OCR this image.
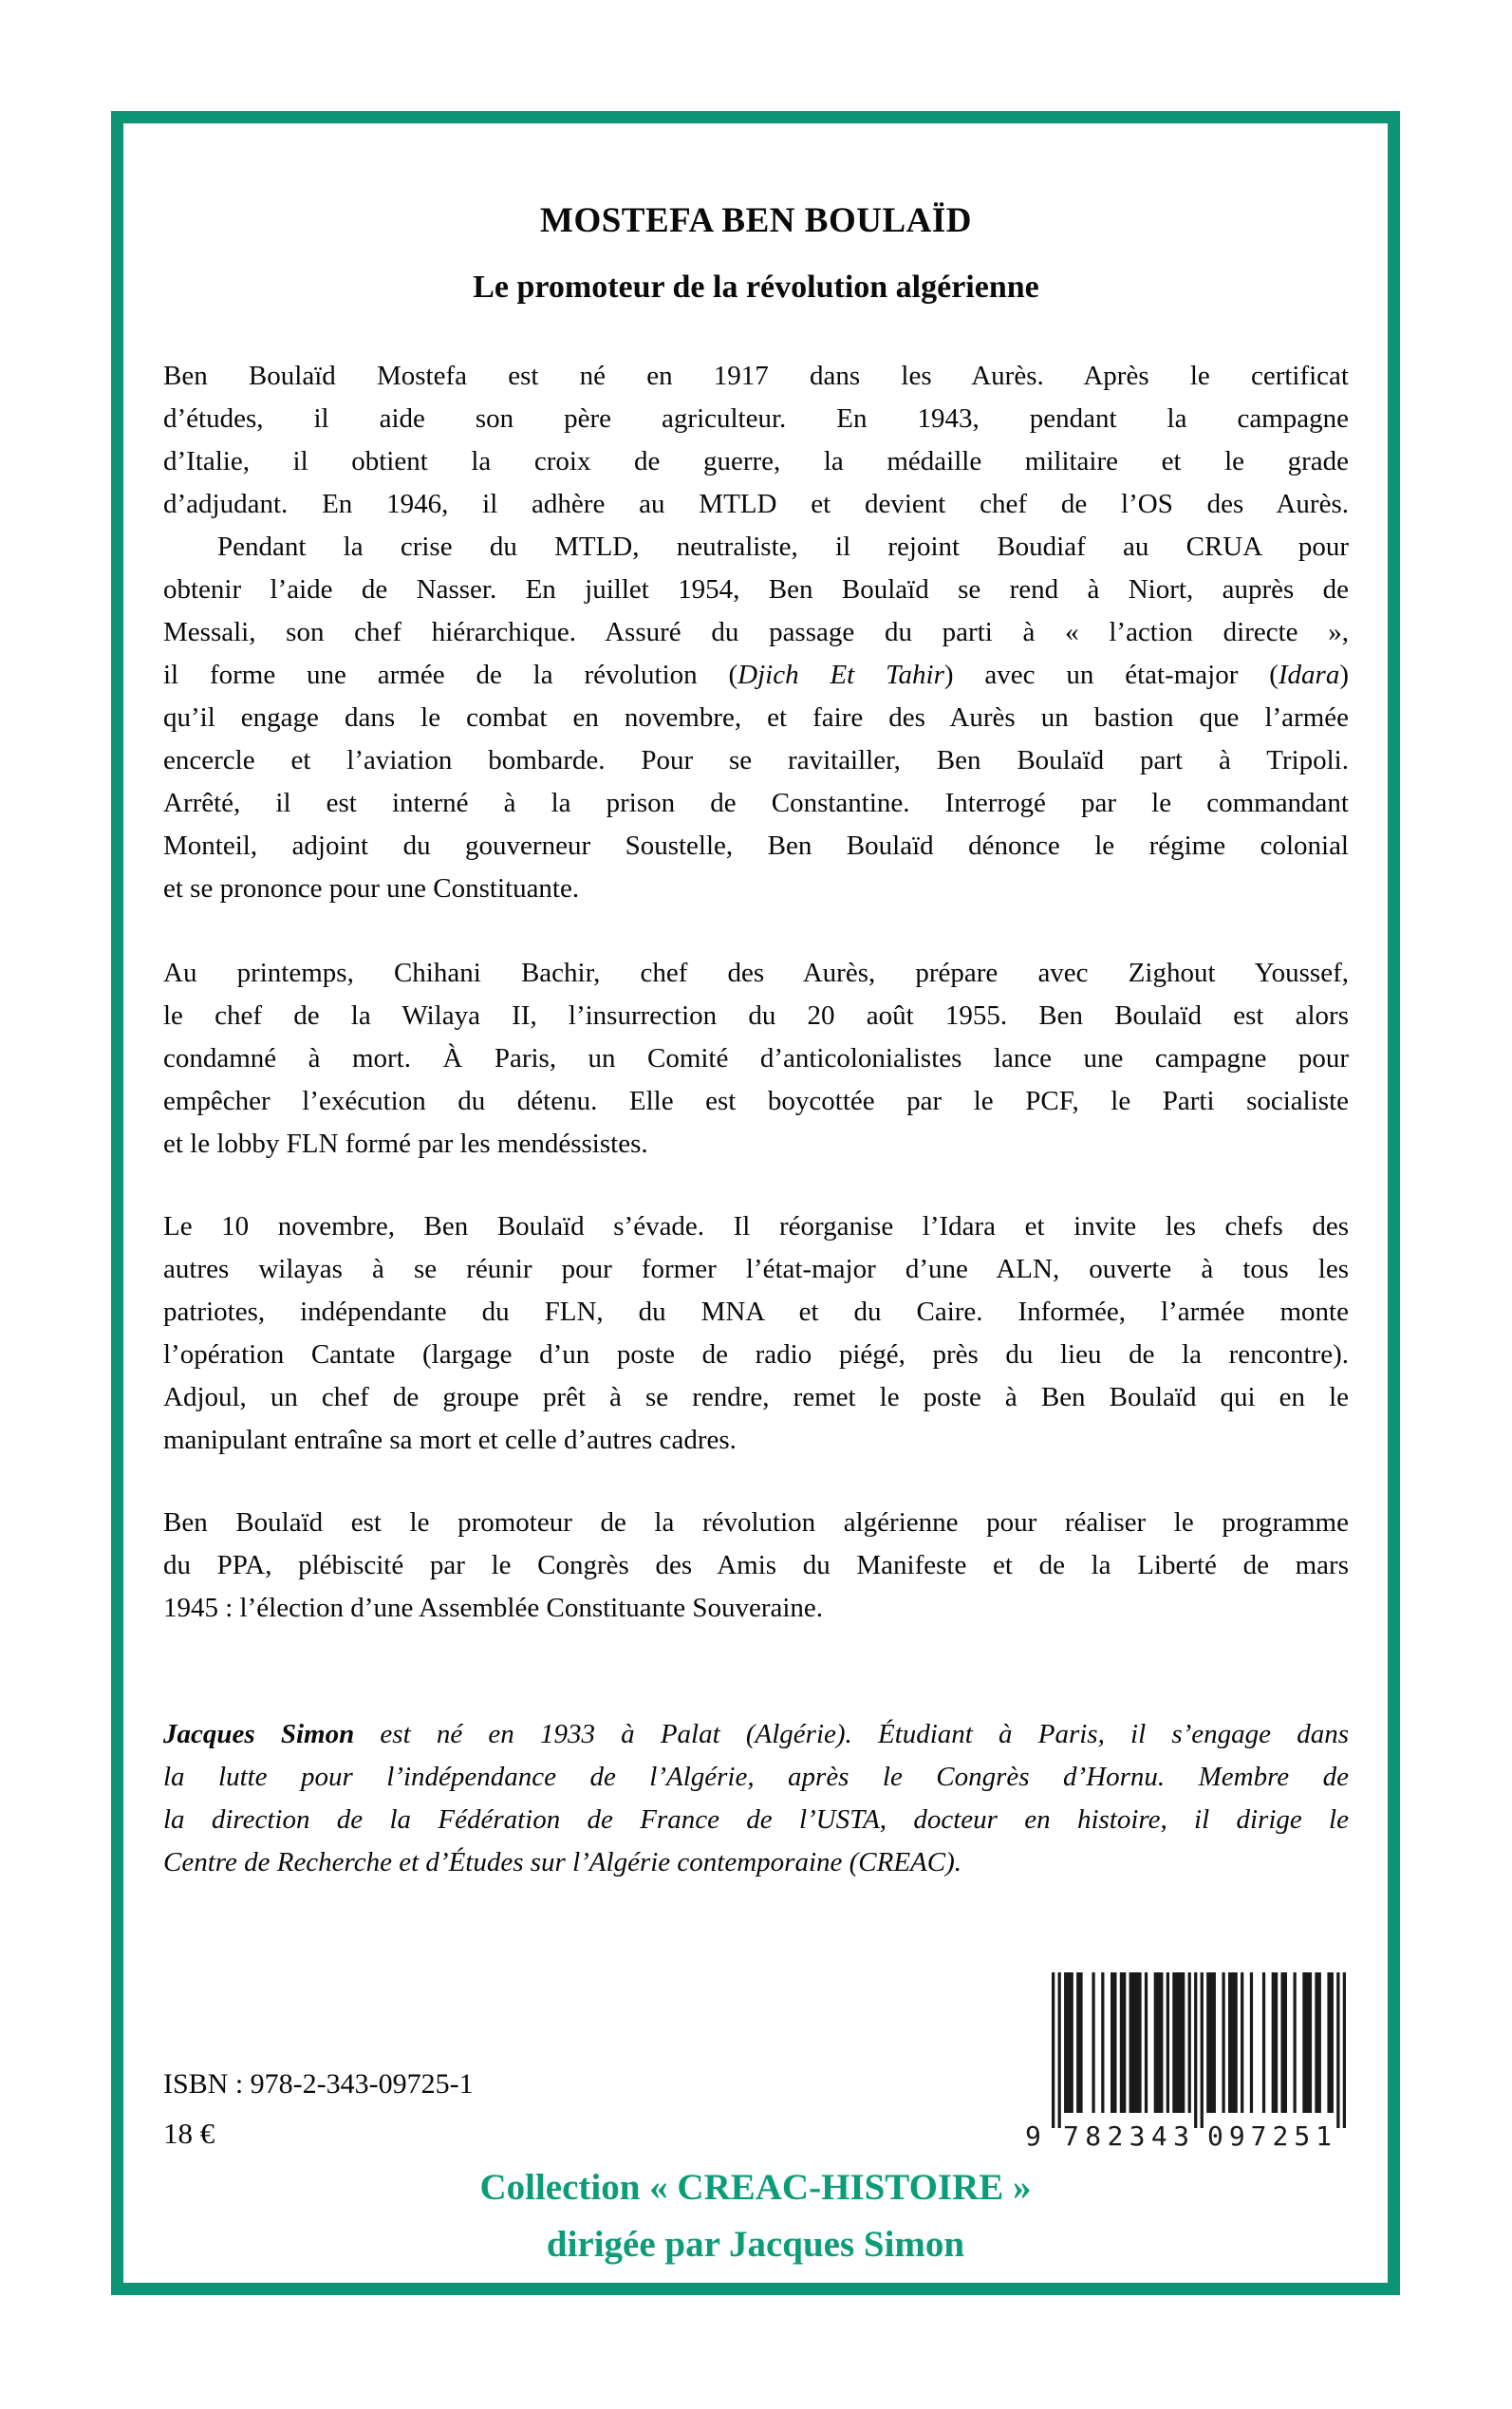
MOSTEFA BEN BOULAÏD
Le promoteur de la révolution algérienne
Ben Boulaïd Mostefa est né en 1917 dans les Aurès. Après le certificat
d’études, il aide son père agriculteur. En 1943, pendant la campagne
d’Italie, il obtient la croix de guerre, la médaille militaire et le grade
d’adjudant. En 1946, il adhère au MTLD et devient chef de l’OS des Aurès.
Pendant la crise du MTLD, neutraliste, il rejoint Boudiaf au CRUA pour
obtenir l’aide de Nasser. En juillet 1954, Ben Boulaïd se rend à Niort, auprès de
Messali, son chef hiérarchique. Assuré du passage du parti à « l’action directe »,
il forme une armée de la révolution (Djich Et Tahir) avec un état-major (Idara)
qu’il engage dans le combat en novembre, et faire des Aurès un bastion que l’armée
encercle et l’aviation bombarde. Pour se ravitailler, Ben Boulaïd part à Tripoli.
Arrêté, il est interné à la prison de Constantine. Interrogé par le commandant
Monteil, adjoint du gouverneur Soustelle, Ben Boulaïd dénonce le régime colonial
et se prononce pour une Constituante.
Au printemps, Chihani Bachir, chef des Aurès, prépare avec Zighout Youssef,
le chef de la Wilaya II, l’insurrection du 20 août 1955. Ben Boulaïd est alors
condamné à mort. À Paris, un Comité d’anticolonialistes lance une campagne pour
empêcher l’exécution du détenu. Elle est boycottée par le PCF, le Parti socialiste
et le lobby FLN formé par les mendéssistes.
Le 10 novembre, Ben Boulaïd s’évade. Il réorganise l’Idara et invite les chefs des
autres wilayas à se réunir pour former l’état-major d’une ALN, ouverte à tous les
patriotes, indépendante du FLN, du MNA et du Caire. Informée, l’armée monte
l’opération Cantate (largage d’un poste de radio piégé, près du lieu de la rencontre).
Adjoul, un chef de groupe prêt à se rendre, remet le poste à Ben Boulaïd qui en le
manipulant entraîne sa mort et celle d’autres cadres.
Ben Boulaïd est le promoteur de la révolution algérienne pour réaliser le programme
du PPA, plébiscité par le Congrès des Amis du Manifeste et de la Liberté de mars
1945 : l’élection d’une Assemblée Constituante Souveraine.
Jacques Simon est né en 1933 à Palat (Algérie). Étudiant à Paris, il s’engage dans
la lutte pour l’indépendance de l’Algérie, après le Congrès d’Hornu. Membre de
la direction de la Fédération de France de l’USTA, docteur en histoire, il dirige le
Centre de Recherche et d’Études sur l’Algérie contemporaine (CREAC).
ISBN : 978-2-343-09725-1
18 €	9 7 8 2 3 4 3 0 9 7 2 5 1
Collection « CREAC-HISTOIRE »
dirigée par Jacques Simon
